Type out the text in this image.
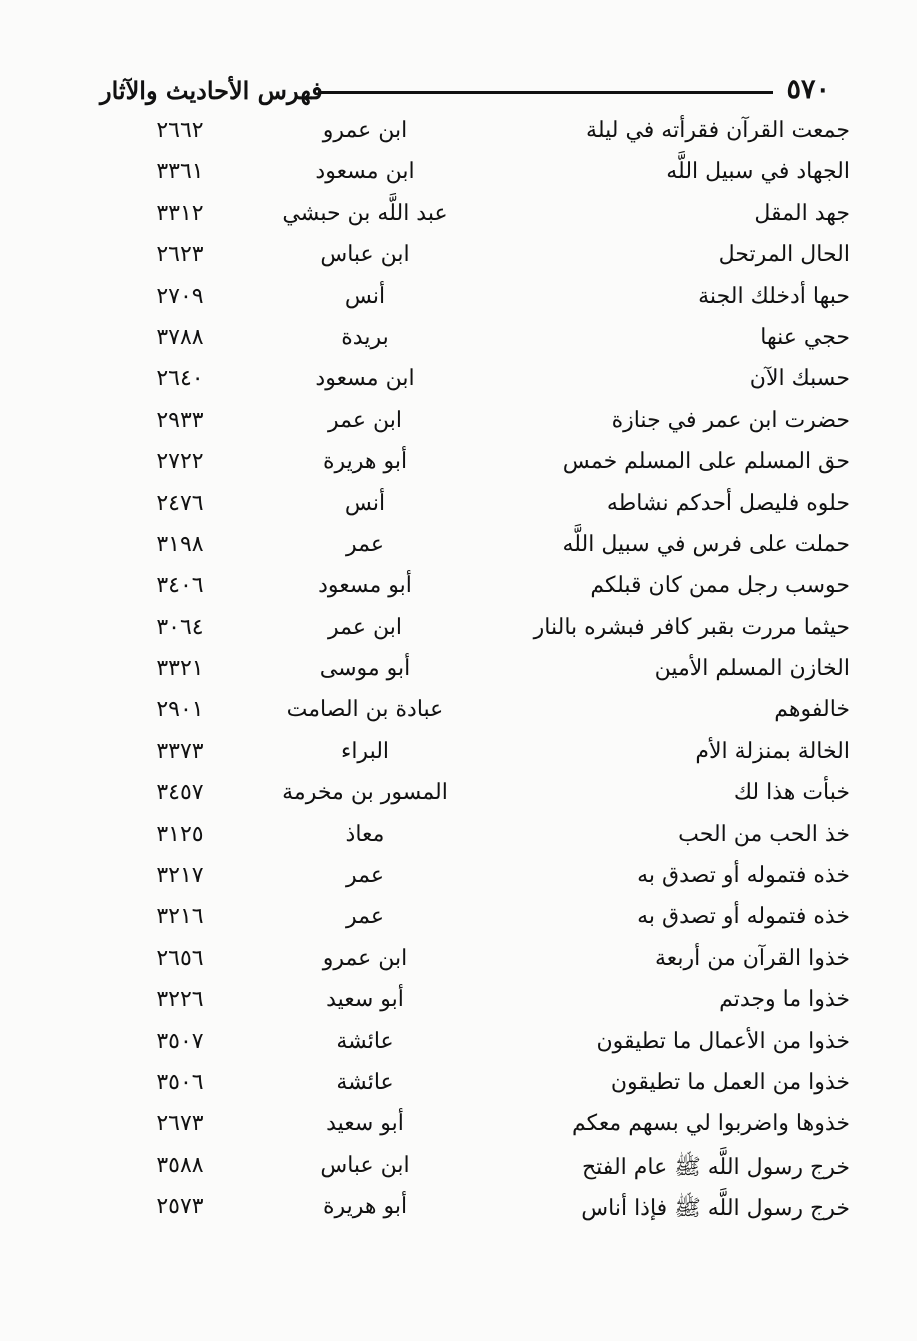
٥٧٠
فهرس الأحاديث والآثار
جمعت القرآن فقرأته في ليلة
ابن عمرو
٢٦٦٢
الجهاد في سبيل اللَّه
ابن مسعود
٣٣٦١
جهد المقل
عبد اللَّه بن حبشي
٣٣١٢
الحال المرتحل
ابن عباس
٢٦٢٣
حبها أدخلك الجنة
أنس
٢٧٠٩
حجي عنها
بريدة
٣٧٨٨
حسبك الآن
ابن مسعود
٢٦٤٠
حضرت ابن عمر في جنازة
ابن عمر
٢٩٣٣
حق المسلم على المسلم خمس
أبو هريرة
٢٧٢٢
حلوه فليصل أحدكم نشاطه
أنس
٢٤٧٦
حملت على فرس في سبيل اللَّه
عمر
٣١٩٨
حوسب رجل ممن كان قبلكم
أبو مسعود
٣٤٠٦
حيثما مررت بقبر كافر فبشره بالنار
ابن عمر
٣٠٦٤
الخازن المسلم الأمين
أبو موسى
٣٣٢١
خالفوهم
عبادة بن الصامت
٢٩٠١
الخالة بمنزلة الأم
البراء
٣٣٧٣
خبأت هذا لك
المسور بن مخرمة
٣٤٥٧
خذ الحب من الحب
معاذ
٣١٢٥
خذه فتموله أو تصدق به
عمر
٣٢١٧
خذه فتموله أو تصدق به
عمر
٣٢١٦
خذوا القرآن من أربعة
ابن عمرو
٢٦٥٦
خذوا ما وجدتم
أبو سعيد
٣٢٢٦
خذوا من الأعمال ما تطيقون
عائشة
٣٥٠٧
خذوا من العمل ما تطيقون
عائشة
٣٥٠٦
خذوها واضربوا لي بسهم معكم
أبو سعيد
٢٦٧٣
خرج رسول اللَّه ﷺ عام الفتح
ابن عباس
٣٥٨٨
خرج رسول اللَّه ﷺ فإذا أناس
أبو هريرة
٢٥٧٣
